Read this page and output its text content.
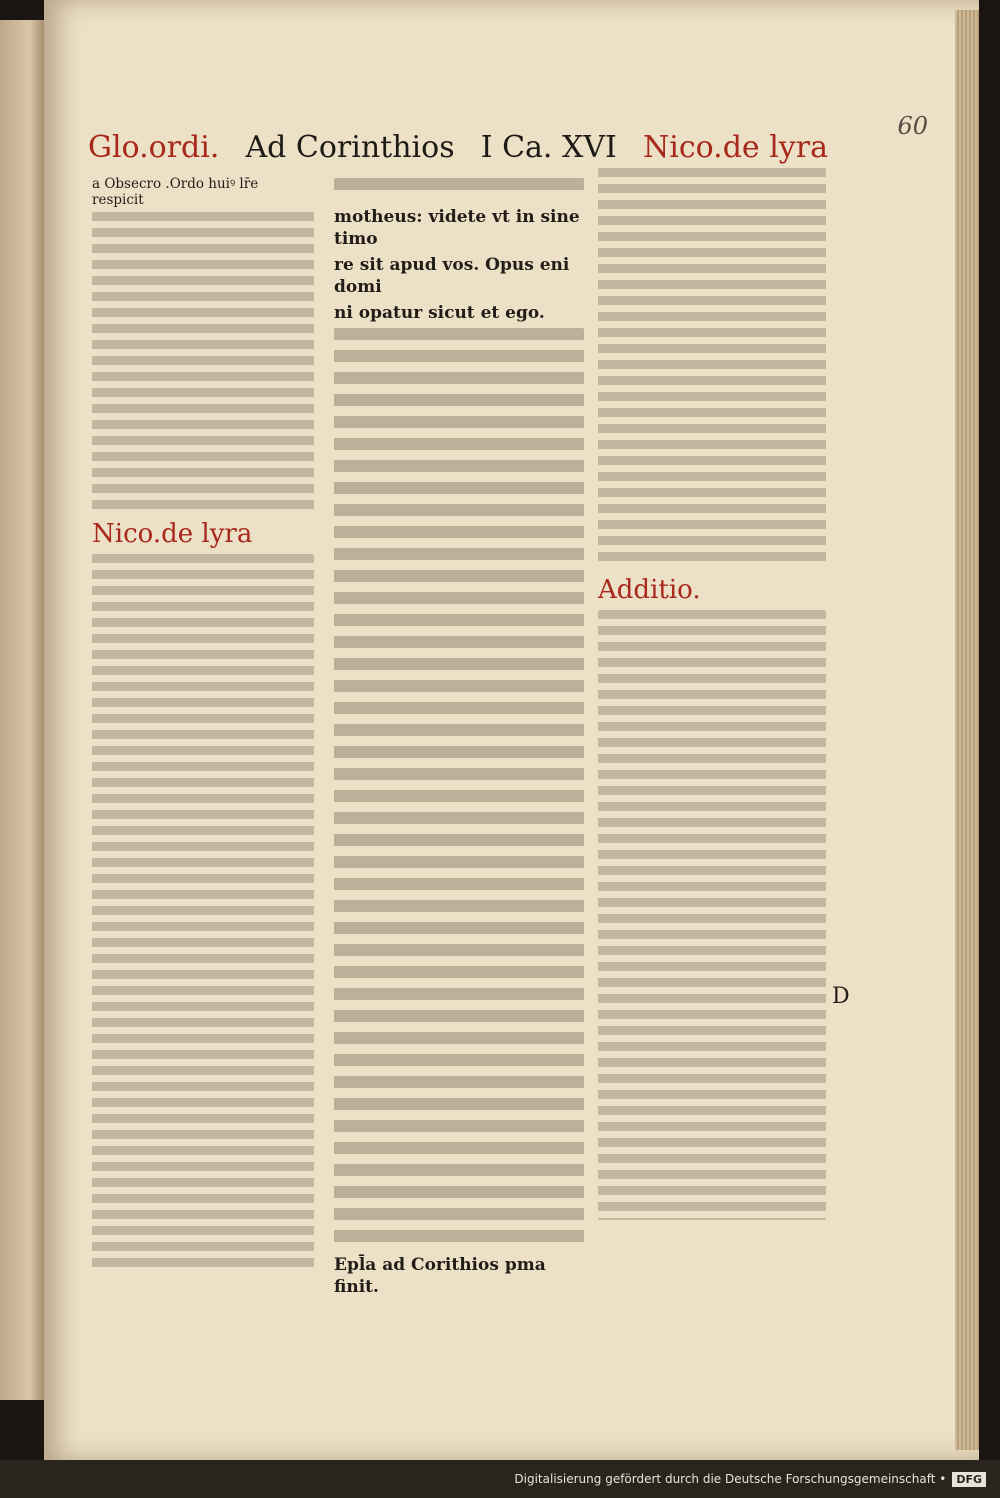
60
Glo.ordi. Ad Corinthios I Ca. XVI Nico.de lyra

a Obsecro .Ordo huiꝰ lr̄e respicit

Nico.de lyra

motheus: videte vt in sine timo

re sit apud vos. Opus eni domi

ni opatur sicut et ego.

Epl̄a ad Corithios pma finit.

Additio.
D
Digitalisierung gefördert durch die Deutsche Forschungsgemeinschaft • DFG
